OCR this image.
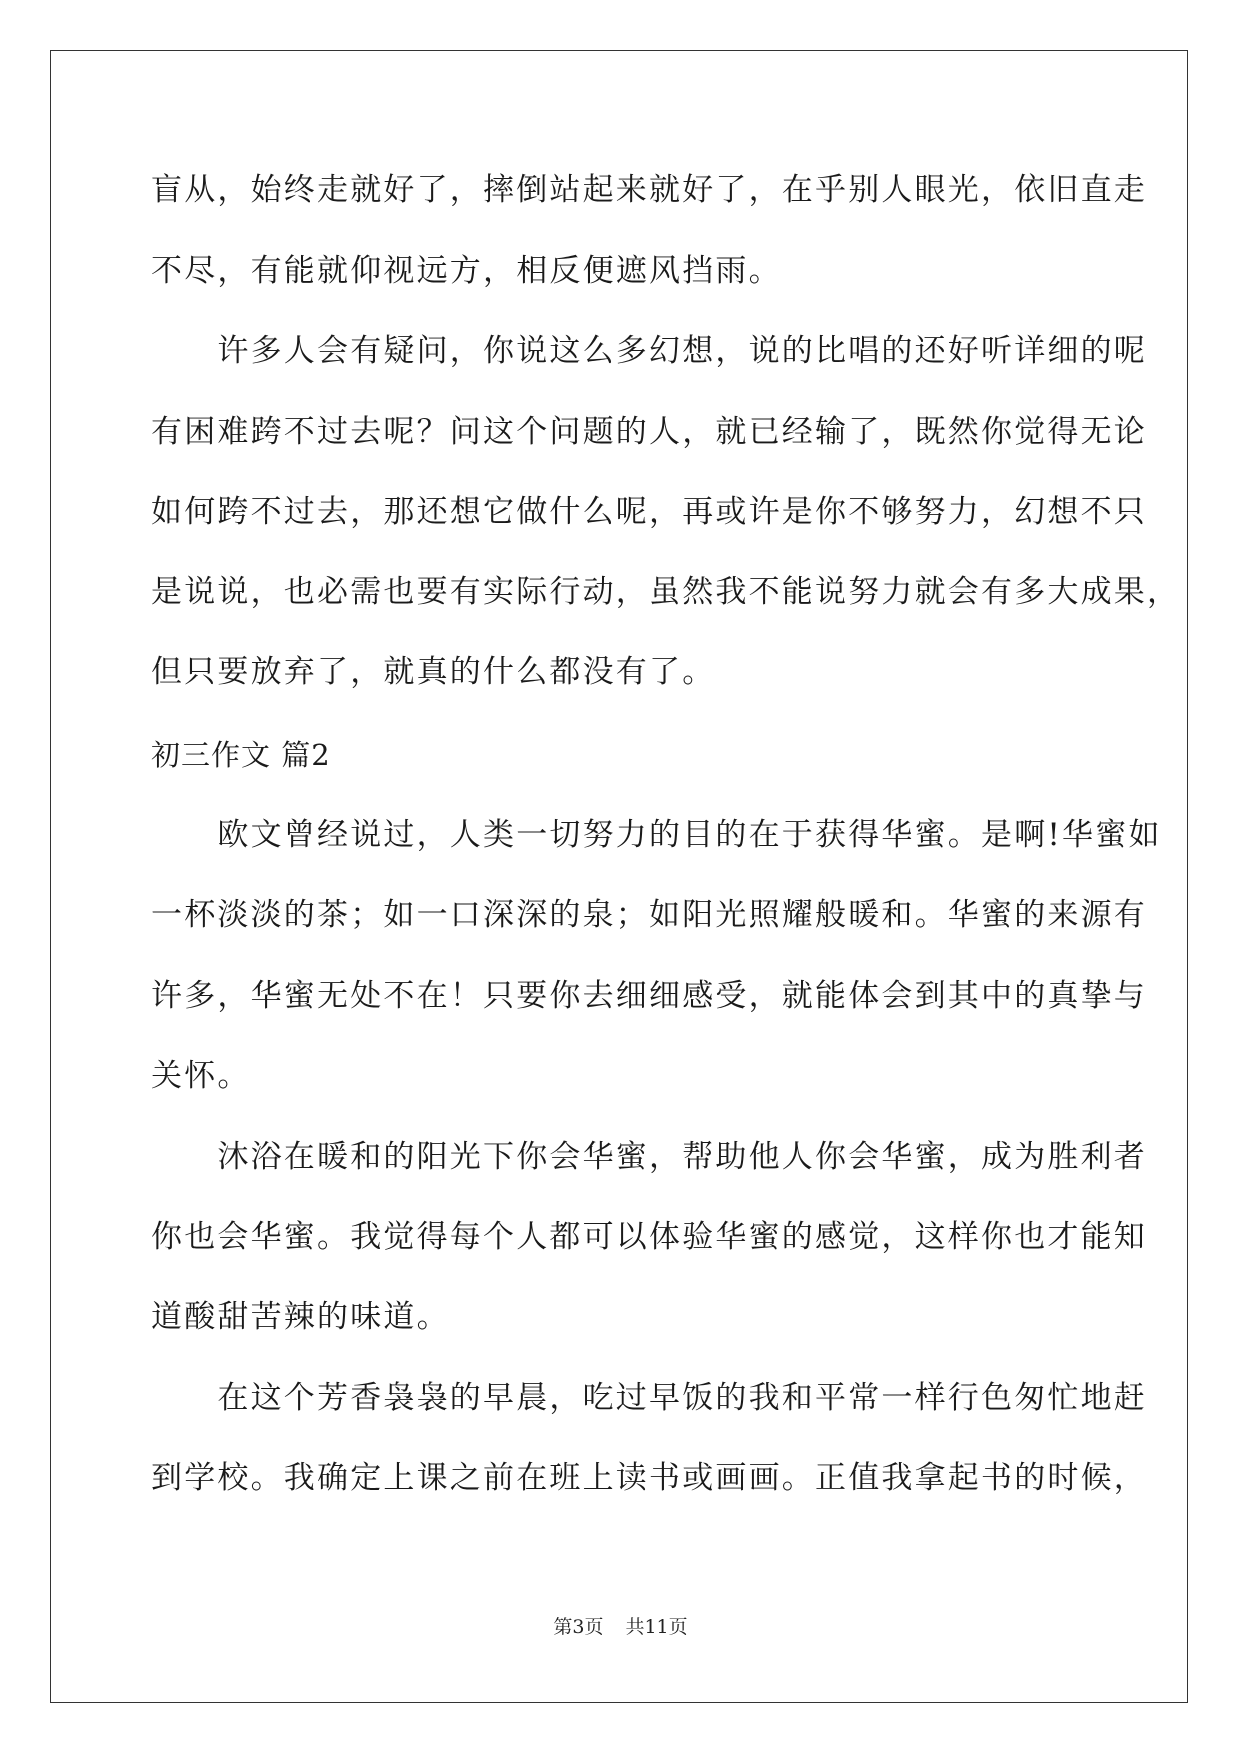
盲从，始终走就好了，摔倒站起来就好了，在乎别人眼光，依旧直走
不尽，有能就仰视远方，相反便遮风挡雨。
　　许多人会有疑问，你说这么多幻想，说的比唱的还好听详细的呢
有困难跨不过去呢？问这个问题的人，就已经输了，既然你觉得无论
如何跨不过去，那还想它做什么呢，再或许是你不够努力，幻想不只
是说说，也必需也要有实际行动，虽然我不能说努力就会有多大成果，
但只要放弃了，就真的什么都没有了。
初三作文 篇2
　　欧文曾经说过，人类一切努力的目的在于获得华蜜。是啊!华蜜如
一杯淡淡的茶；如一口深深的泉；如阳光照耀般暖和。华蜜的来源有
许多，华蜜无处不在！只要你去细细感受，就能体会到其中的真挚与
关怀。
　　沐浴在暖和的阳光下你会华蜜，帮助他人你会华蜜，成为胜利者
你也会华蜜。我觉得每个人都可以体验华蜜的感觉，这样你也才能知
道酸甜苦辣的味道。
　　在这个芳香袅袅的早晨，吃过早饭的我和平常一样行色匆忙地赶
到学校。我确定上课之前在班上读书或画画。正值我拿起书的时候，
第3页 共11页
